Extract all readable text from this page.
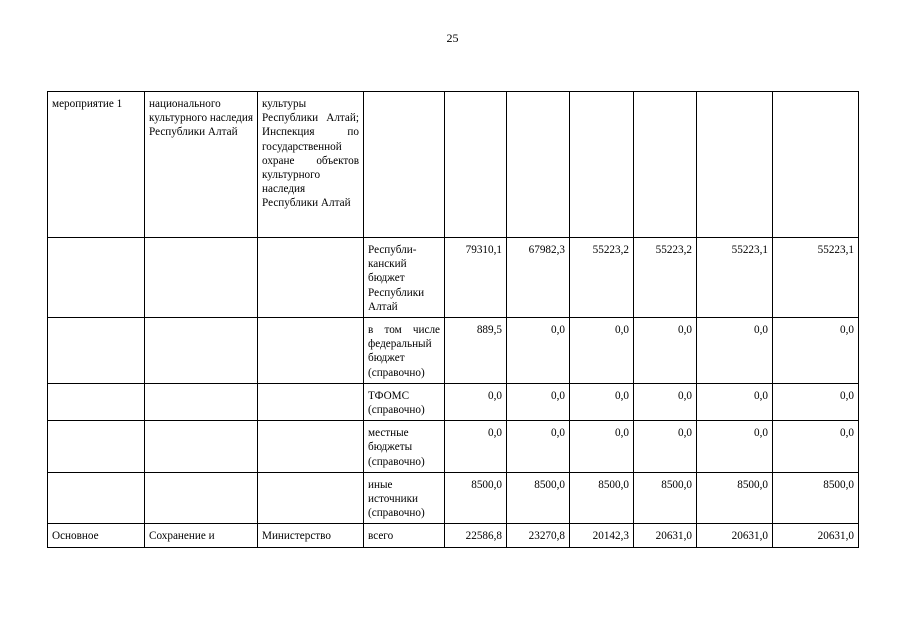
25
мероприятие 1	национального культурного наследия Республики Алтай	культуры Республики Алтай; Инспекция по государственной охране объектов культурного наследия Республики Алтай							
			Республи-канский бюджет Республики Алтай	79310,1	67982,3	55223,2	55223,2	55223,1	55223,1
			в том числе федеральный бюджет (справочно)	889,5	0,0	0,0	0,0	0,0	0,0
			ТФОМС (справочно)	0,0	0,0	0,0	0,0	0,0	0,0
			местные бюджеты (справочно)	0,0	0,0	0,0	0,0	0,0	0,0
			иные источники (справочно)	8500,0	8500,0	8500,0	8500,0	8500,0	8500,0
Основное	Сохранение и	Министерство	всего	22586,8	23270,8	20142,3	20631,0	20631,0	20631,0
